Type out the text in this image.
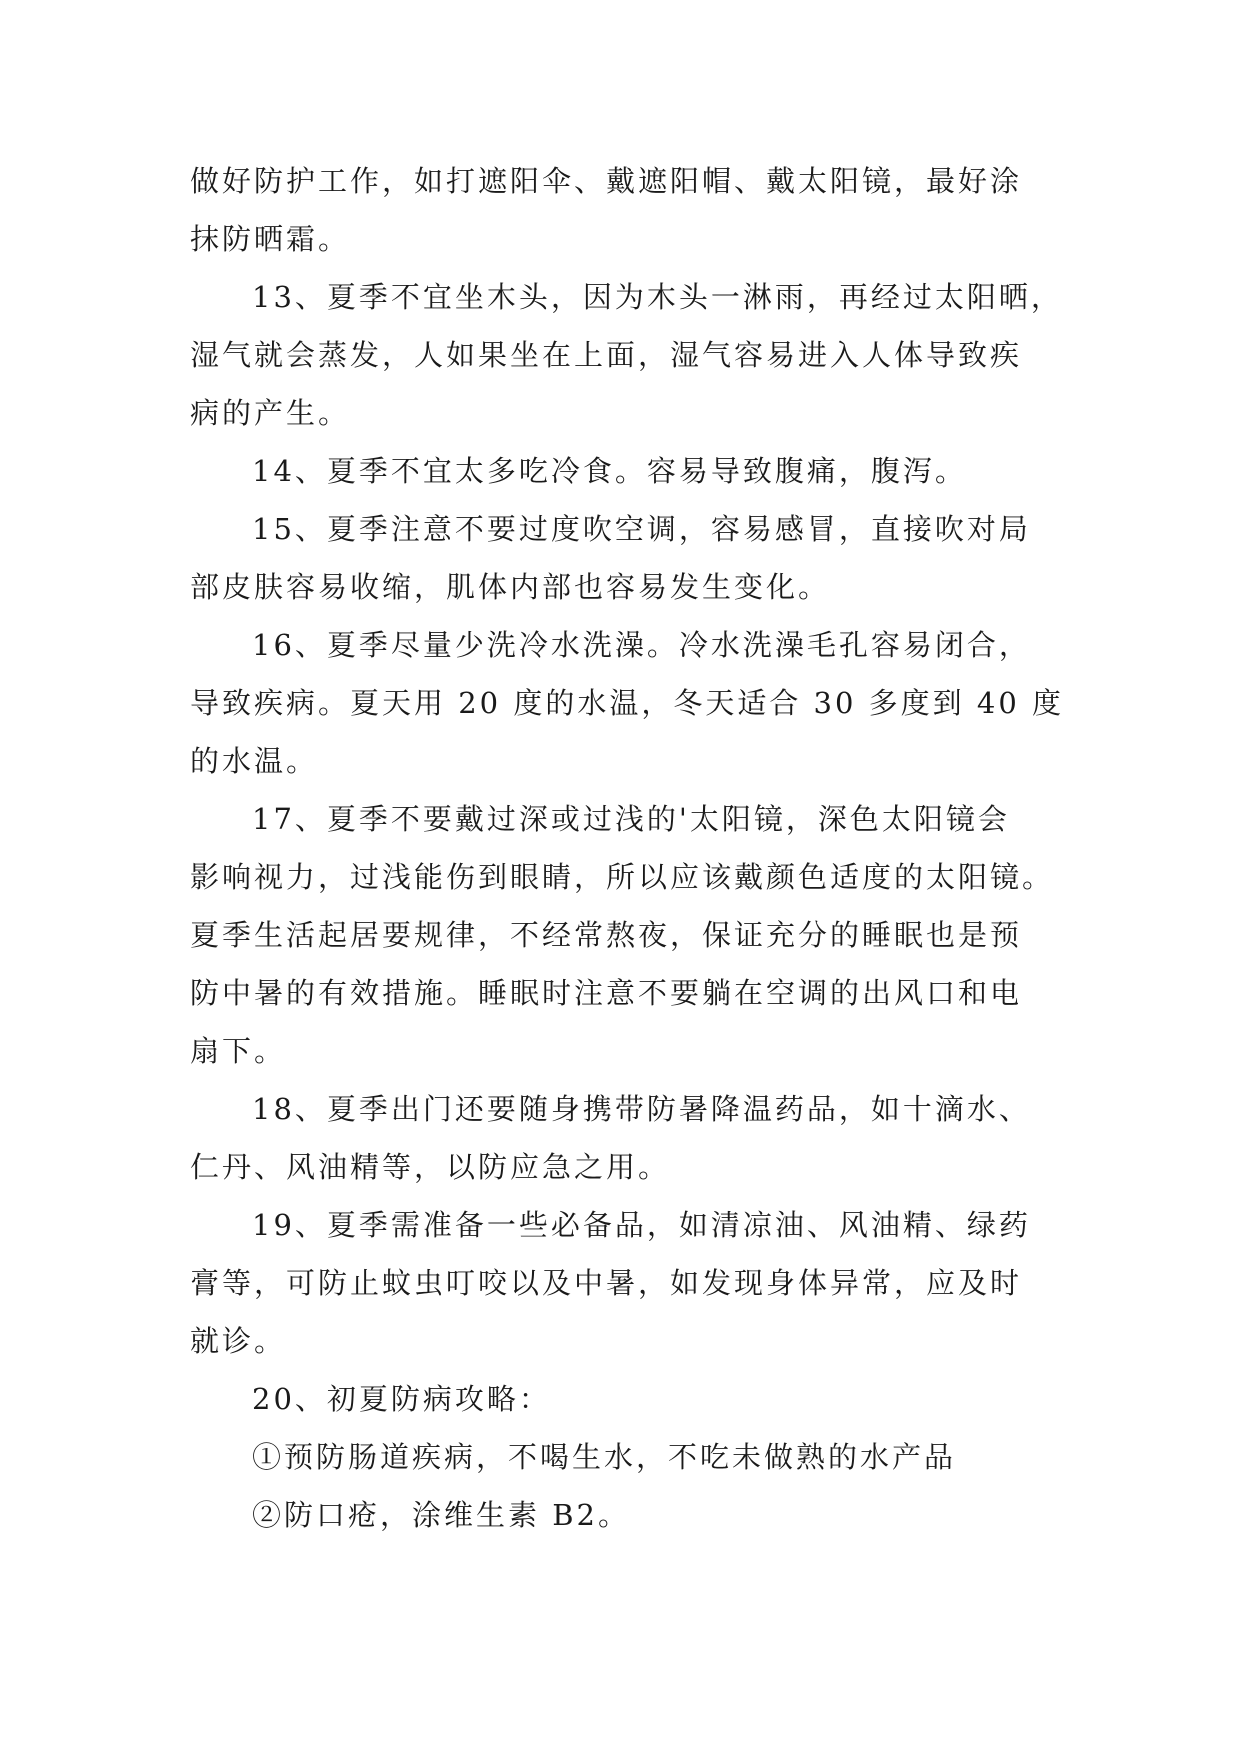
做好防护工作，如打遮阳伞、戴遮阳帽、戴太阳镜，最好涂
抹防晒霜。
13、夏季不宜坐木头，因为木头一淋雨，再经过太阳晒，
湿气就会蒸发，人如果坐在上面，湿气容易进入人体导致疾
病的产生。
14、夏季不宜太多吃冷食。容易导致腹痛，腹泻。
15、夏季注意不要过度吹空调，容易感冒，直接吹对局
部皮肤容易收缩，肌体内部也容易发生变化。
16、夏季尽量少洗冷水洗澡。冷水洗澡毛孔容易闭合，
导致疾病。夏天用 20 度的水温，冬天适合 30 多度到 40 度
的水温。
17、夏季不要戴过深或过浅的'太阳镜，深色太阳镜会
影响视力，过浅能伤到眼睛，所以应该戴颜色适度的太阳镜。
夏季生活起居要规律，不经常熬夜，保证充分的睡眠也是预
防中暑的有效措施。睡眠时注意不要躺在空调的出风口和电
扇下。
18、夏季出门还要随身携带防暑降温药品，如十滴水、
仁丹、风油精等，以防应急之用。
19、夏季需准备一些必备品，如清凉油、风油精、绿药
膏等，可防止蚊虫叮咬以及中暑，如发现身体异常，应及时
就诊。
20、初夏防病攻略：
①预防肠道疾病，不喝生水，不吃未做熟的水产品
②防口疮，涂维生素 B2。
